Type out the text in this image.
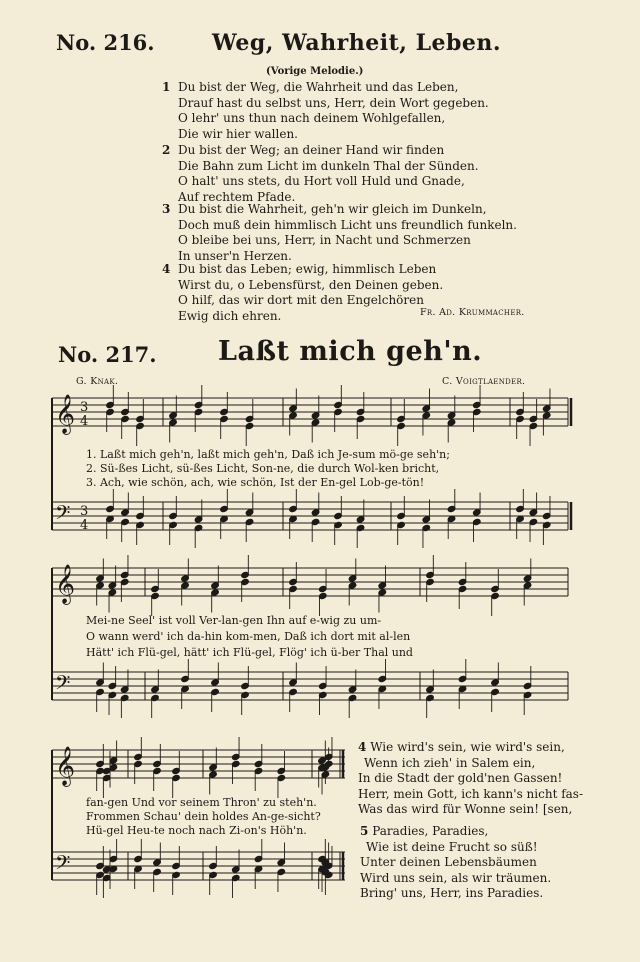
No. 216.	Weg, Wahrheit, Leben.
(Vorige Melodie.)
1 Du bist der Weg, die Wahrheit und das Leben,
Drauf hast du selbst uns, Herr, dein Wort gegeben.
O lehr' uns thun nach deinem Wohlgefallen,
Die wir hier wallen.
2 Du bist der Weg; an deiner Hand wir finden
Die Bahn zum Licht im dunkeln Thal der Sünden.
O halt' uns stets, du Hort voll Huld und Gnade,
Auf rechtem Pfade.
3 Du bist die Wahrheit, geh'n wir gleich im Dunkeln,
Doch muß dein himmlisch Licht uns freundlich funkeln.
O bleibe bei uns, Herr, in Nacht und Schmerzen
In unser'n Herzen.
4 Du bist das Leben; ewig, himmlisch Leben
Wirst du, o Lebensfürst, den Deinen geben.
O hilf, das wir dort mit den Engelchören
Ewig dich ehren.	Fr. Ad. Krummacher.
No. 217. Laßt mich geh'n.
G. Knak.	C. Voigtlaender.
𝄞
𝄢
3
4
3
4
𝄞
𝄢
𝄞
𝄢
1. Laßt mich geh'n, laßt mich geh'n, Daß ich Je-sum mö-ge seh'n;
2. Sü-ßes Licht, sü-ßes Licht, Son-ne, die durch Wol-ken bricht,
3. Ach, wie schön, ach, wie schön, Ist der En-gel Lob-ge-tön!
Mei-ne Seel' ist voll Ver-lan-gen Ihn auf e-wig zu um-
O wann werd' ich da-hin kom-men, Daß ich dort mit al-len
Hätt' ich Flü-gel, hätt' ich Flü-gel, Flög' ich ü-ber Thal und
fan-gen Und vor seinem Thron' zu steh'n.
Frommen Schau' dein holdes An-ge-sicht?
Hü-gel Heu-te noch nach Zi-on's Höh'n.
4 Wie wird's sein, wie wird's sein,
Wenn ich zieh' in Salem ein,
In die Stadt der gold'nen Gassen!
Herr, mein Gott, ich kann's nicht fas-
Was das wird für Wonne sein! [sen,
5 Paradies, Paradies,
Wie ist deine Frucht so süß!
Unter deinen Lebensbäumen
Wird uns sein, als wir träumen.
Bring' uns, Herr, ins Paradies.
